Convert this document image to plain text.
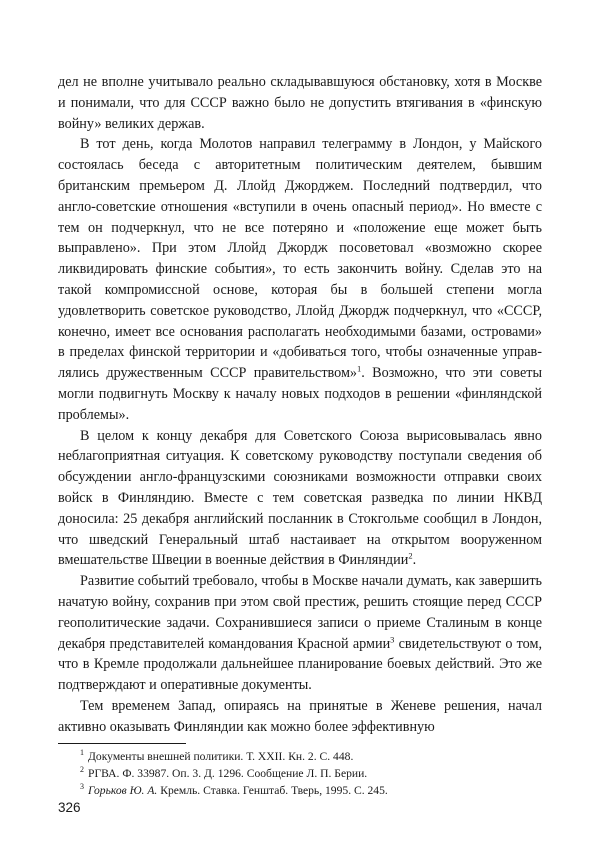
дел не вполне учитывало реально складывавшуюся обстановку, хотя в Москве и понимали, что для СССР важно было не допустить втягивания в «финскую войну» великих держав.

В тот день, когда Молотов направил телеграмму в Лондон, у Майского состоялась беседа с авторитетным политическим деятелем, бывшим британским премьером Д. Ллойд Джорджем. Последний подтвердил, что англо-советские отношения «вступили в очень опасный период». Но вместе с тем он подчеркнул, что не все потеряно и «положение еще может быть выправлено». При этом Ллойд Джордж посоветовал «возможно скорее ликвидировать финские события», то есть закончить войну. Сделав это на такой компромиссной основе, которая бы в большей степени могла удовлетворить советское руководство, Ллойд Джордж подчеркнул, что «СССР, конечно, имеет все основания располагать необходимыми базами, островами» в пределах финской территории и «добиваться того, чтобы означенные управлялись дружественным СССР правительством»$^1$. Возможно, что эти советы могли подвигнуть Москву к началу новых подходов в решении «финляндской проблемы».

В целом к концу декабря для Советского Союза вырисовывалась явно неблагоприятная ситуация. К советскому руководству поступали сведения об обсуждении англо-французскими союзниками возможности отправки своих войск в Финляндию. Вместе с тем советская разведка по линии НКВД доносила: 25 декабря английский посланник в Стокгольме сообщил в Лондон, что шведский Генеральный штаб настаивает на открытом вооруженном вмешательстве Швеции в военные действия в Финляндии$^2$.

Развитие событий требовало, чтобы в Москве начали думать, как завершить начатую войну, сохранив при этом свой престиж, решить стоящие перед СССР геополитические задачи. Сохранившиеся записи о приеме Сталиным в конце декабря представителей командования Красной армии$^3$ свидетельствуют о том, что в Кремле продолжали дальнейшее планирование боевых действий. Это же подтверждают и оперативные документы.

Тем временем Запад, опираясь на принятые в Женеве решения, начал активно оказывать Финляндии как можно более эффективную

$^1$ Документы внешней политики. Т. XXII. Кн. 2. С. 448.
$^2$ РГВА. Ф. 33987. Оп. 3. Д. 1296. Сообщение Л. П. Берии.
$^3$ Горьков Ю. А. Кремль. Ставка. Генштаб. Тверь, 1995. С. 245.
326
